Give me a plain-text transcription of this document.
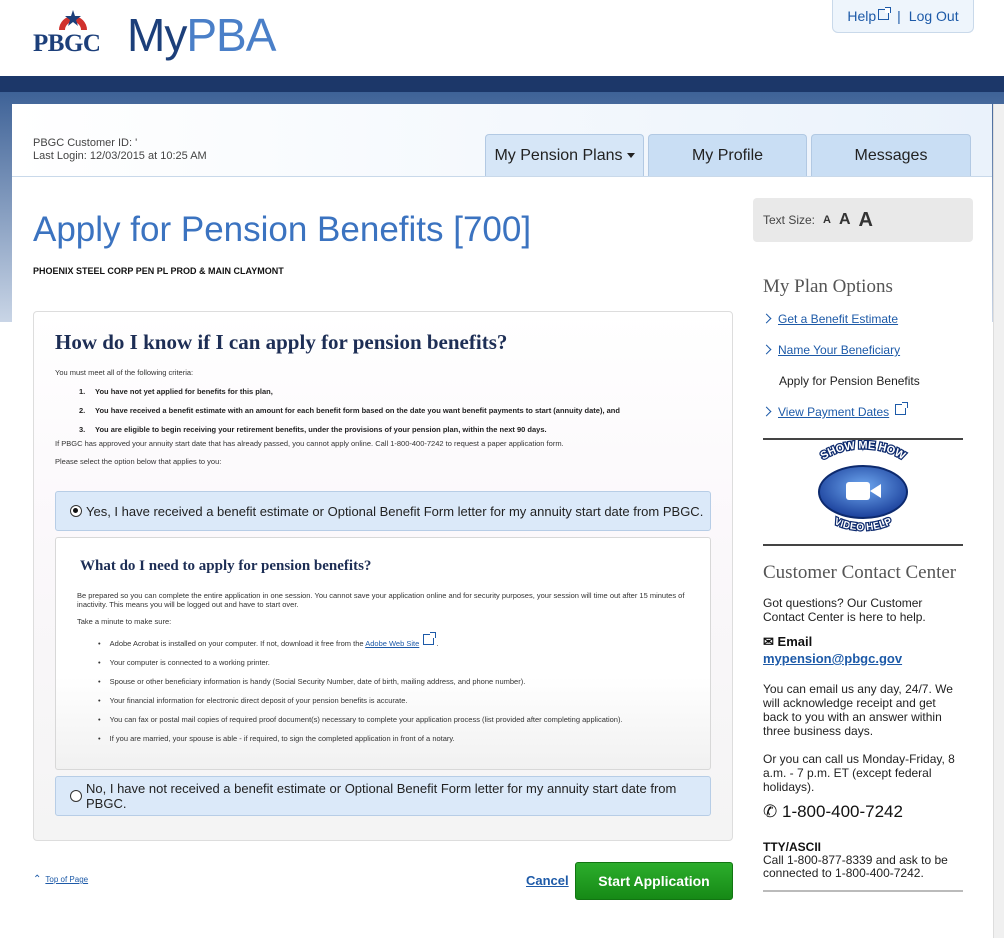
PBGC MyPBA	Help	| Log Out
PBGC Customer ID: '
Last Login: 12/03/2015 at 10:25 AM	My Pension Plans	My Profile	Messages
Apply for Pension Benefits [700]
PHOENIX STEEL CORP PEN PL PROD & MAIN CLAYMONT
How do I know if I can apply for pension benefits?
You must meet all of the following criteria:
1. You have not yet applied for benefits for this plan,
2. You have received a benefit estimate with an amount for each benefit form based on the date you want benefit payments to start (annuity date), and
3. You are eligible to begin receiving your retirement benefits, under the provisions of your pension plan, within the next 90 days.
If PBGC has approved your annuity start date that has already passed, you cannot apply online. Call 1-800-400-7242 to request a paper application form.
Please select the option below that applies to you:
Yes, I have received a benefit estimate or Optional Benefit Form letter for my annuity start date from PBGC.
What do I need to apply for pension benefits?
Be prepared so you can complete the entire application in one session. You cannot save your application online and for security purposes, your session will time out after 15 minutes of inactivity. This means you will be logged out and have to start over.
Take a minute to make sure:
• Adobe Acrobat is installed on your computer. If not, download it free from the Adobe Web Site .
• Your computer is connected to a working printer.
• Spouse or other beneficiary information is handy (Social Security Number, date of birth, mailing address, and phone number).
• Your financial information for electronic direct deposit of your pension benefits is accurate.
• You can fax or postal mail copies of required proof document(s) necessary to complete your application process (list provided after completing application).
• If you are married, your spouse is able - if required, to sign the completed application in front of a notary.
No, I have not received a benefit estimate or Optional Benefit Form letter for my annuity start date from PBGC.
⌃ Top of Page	Cancel	Start Application
Text Size: A A A
My Plan Options
Get a Benefit Estimate
Name Your Beneficiary
Apply for Pension Benefits
View Payment Dates
SHOW ME HOW
VIDEO HELP
Customer Contact Center
Got questions? Our Customer Contact Center is here to help.
✉ Email
mypension@pbgc.gov
You can email us any day, 24/7. We will acknowledge receipt and get back to you with an answer within three business days.
Or you can call us Monday-Friday, 8 a.m. - 7 p.m. ET (except federal holidays).
✆ 1-800-400-7242
TTY/ASCII
Call 1-800-877-8339 and ask to be connected to 1-800-400-7242.
